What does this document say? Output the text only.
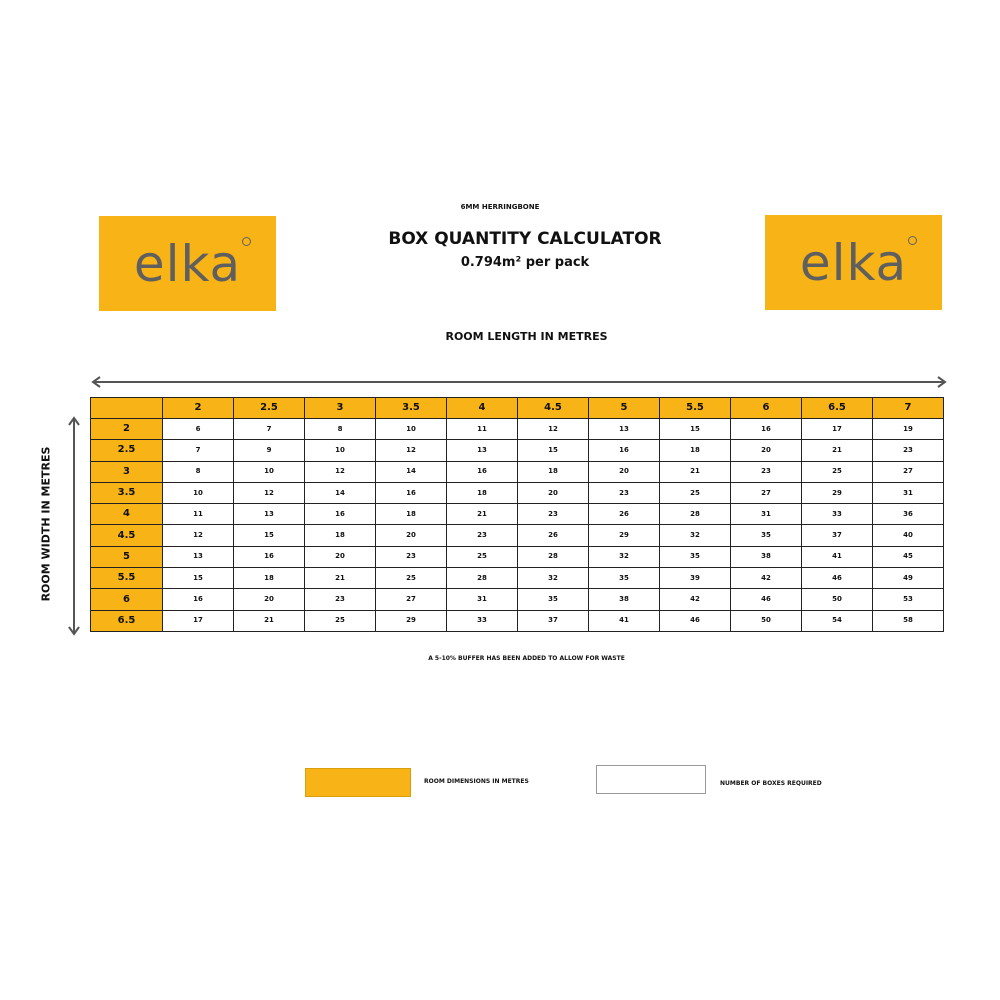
elka	elka
6MM HERRINGBONE
BOX QUANTITY CALCULATOR
0.794m² per pack
ROOM LENGTH IN METRES
ROOM WIDTH IN METRES
	2	2.5	3	3.5	4	4.5	5	5.5	6	6.5	7
2	6	7	8	10	11	12	13	15	16	17	19
2.5	7	9	10	12	13	15	16	18	20	21	23
3	8	10	12	14	16	18	20	21	23	25	27
3.5	10	12	14	16	18	20	23	25	27	29	31
4	11	13	16	18	21	23	26	28	31	33	36
4.5	12	15	18	20	23	26	29	32	35	37	40
5	13	16	20	23	25	28	32	35	38	41	45
5.5	15	18	21	25	28	32	35	39	42	46	49
6	16	20	23	27	31	35	38	42	46	50	53
6.5	17	21	25	29	33	37	41	46	50	54	58
A 5-10% BUFFER HAS BEEN ADDED TO ALLOW FOR WASTE
ROOM DIMENSIONS IN METRES	NUMBER OF BOXES REQUIRED
